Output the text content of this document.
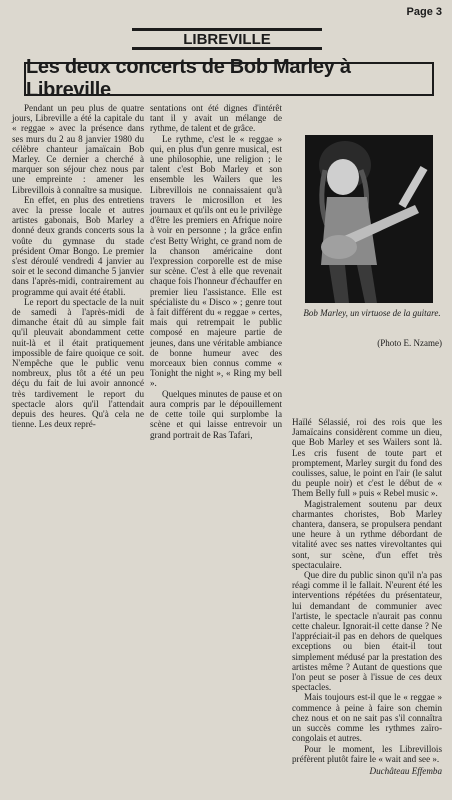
Page 3
LIBREVILLE
Les deux concerts de Bob Marley à Libreville

Pendant un peu plus de quatre jours, Libreville a été la capitale du « reggae » avec la présence dans ses murs du 2 au 8 janvier 1980 du célèbre chanteur jamaïcain Bob Marley. Ce dernier a cherché à marquer son séjour chez nous par une empreinte : amener les Librevillois à connaître sa musique.

En effet, en plus des entretiens avec la presse locale et autres artistes gabonais, Bob Marley a donné deux grands concerts sous la voûte du gymnase du stade président Omar Bongo. Le premier s'est déroulé vendredi 4 janvier au soir et le second dimanche 5 janvier dans l'après-midi, contrairement au programme qui avait été établi.

Le report du spectacle de la nuit de samedi à l'après-midi de dimanche était dû au simple fait qu'il pleuvait abondamment cette nuit-là et il était pratiquement impossible de faire quoique ce soit. N'empêche que le public venu nombreux, plus tôt a été un peu déçu du fait de lui avoir annoncé très tardivement le report du spectacle alors qu'il l'attendait depuis des heures. Qu'à cela ne tienne. Les deux repré-

sentations ont été dignes d'intérêt tant il y avait un mélange de rythme, de talent et de grâce.

Le rythme, c'est le « reggae » qui, en plus d'un genre musical, est une philosophie, une religion ; le talent c'est Bob Marley et son ensemble les Wailers que les Librevillois ne connaissaient qu'à travers le microsillon et les journaux et qu'ils ont eu le privilège d'être les premiers en Afrique noire à voir en personne ; la grâce enfin c'est Betty Wright, ce grand nom de la chanson américaine dont l'expression corporelle est de mise sur scène. C'est à elle que revenait chaque fois l'honneur d'échauffer en premier lieu l'assistance. Elle est spécialiste du « Disco » ; genre tout à fait différent du « reggae » certes, mais qui retrempait le public composé en majeure partie de jeunes, dans une véritable ambiance de bonne humeur avec des morceaux bien connus comme « Tonight the night », « Ring my bell ».

Quelques minutes de pause et on aura compris par le dépouillement de cette toile qui surplombe la scène et qui laisse entrevoir un grand portrait de Ras Tafari,

Bob Marley, un virtuose de la guitare.
(Photo E. Nzame)

Haïlé Sélassié, roi des rois que les Jamaïcains considèrent comme un dieu, que Bob Marley et ses Wailers sont là. Les cris fusent de toute part et promptement, Marley surgit du fond des coulisses, salue, le point en l'air (le salut du peuple noir) et c'est le début de « Them Belly full » puis « Rebel music ».

Magistralement soutenu par deux charmantes choristes, Bob Marley chantera, dansera, se propulsera pendant une heure à un rythme débordant de vitalité avec ses nattes virevoltantes qui sont, sur scène, d'un effet très spectaculaire.

Que dire du public sinon qu'il n'a pas réagi comme il le fallait. N'eurent été les interventions répétées du présentateur, lui demandant de communier avec l'artiste, le spectacle n'aurait pas connu cette chaleur. Ignorait-il cette danse ? Ne l'appréciait-il pas en dehors de quelques exceptions ou bien était-il tout simplement médusé par la prestation des artistes même ? Autant de questions que l'on peut se poser à l'issue de ces deux spectacles.

Mais toujours est-il que le « reggae » commence à peine à faire son chemin chez nous et on ne sait pas s'il connaîtra un succès comme les rythmes zaïro-congolais et autres.

Pour le moment, les Librevillois préfèrent plutôt faire le « wait and see ».

Duchâteau Effemba
